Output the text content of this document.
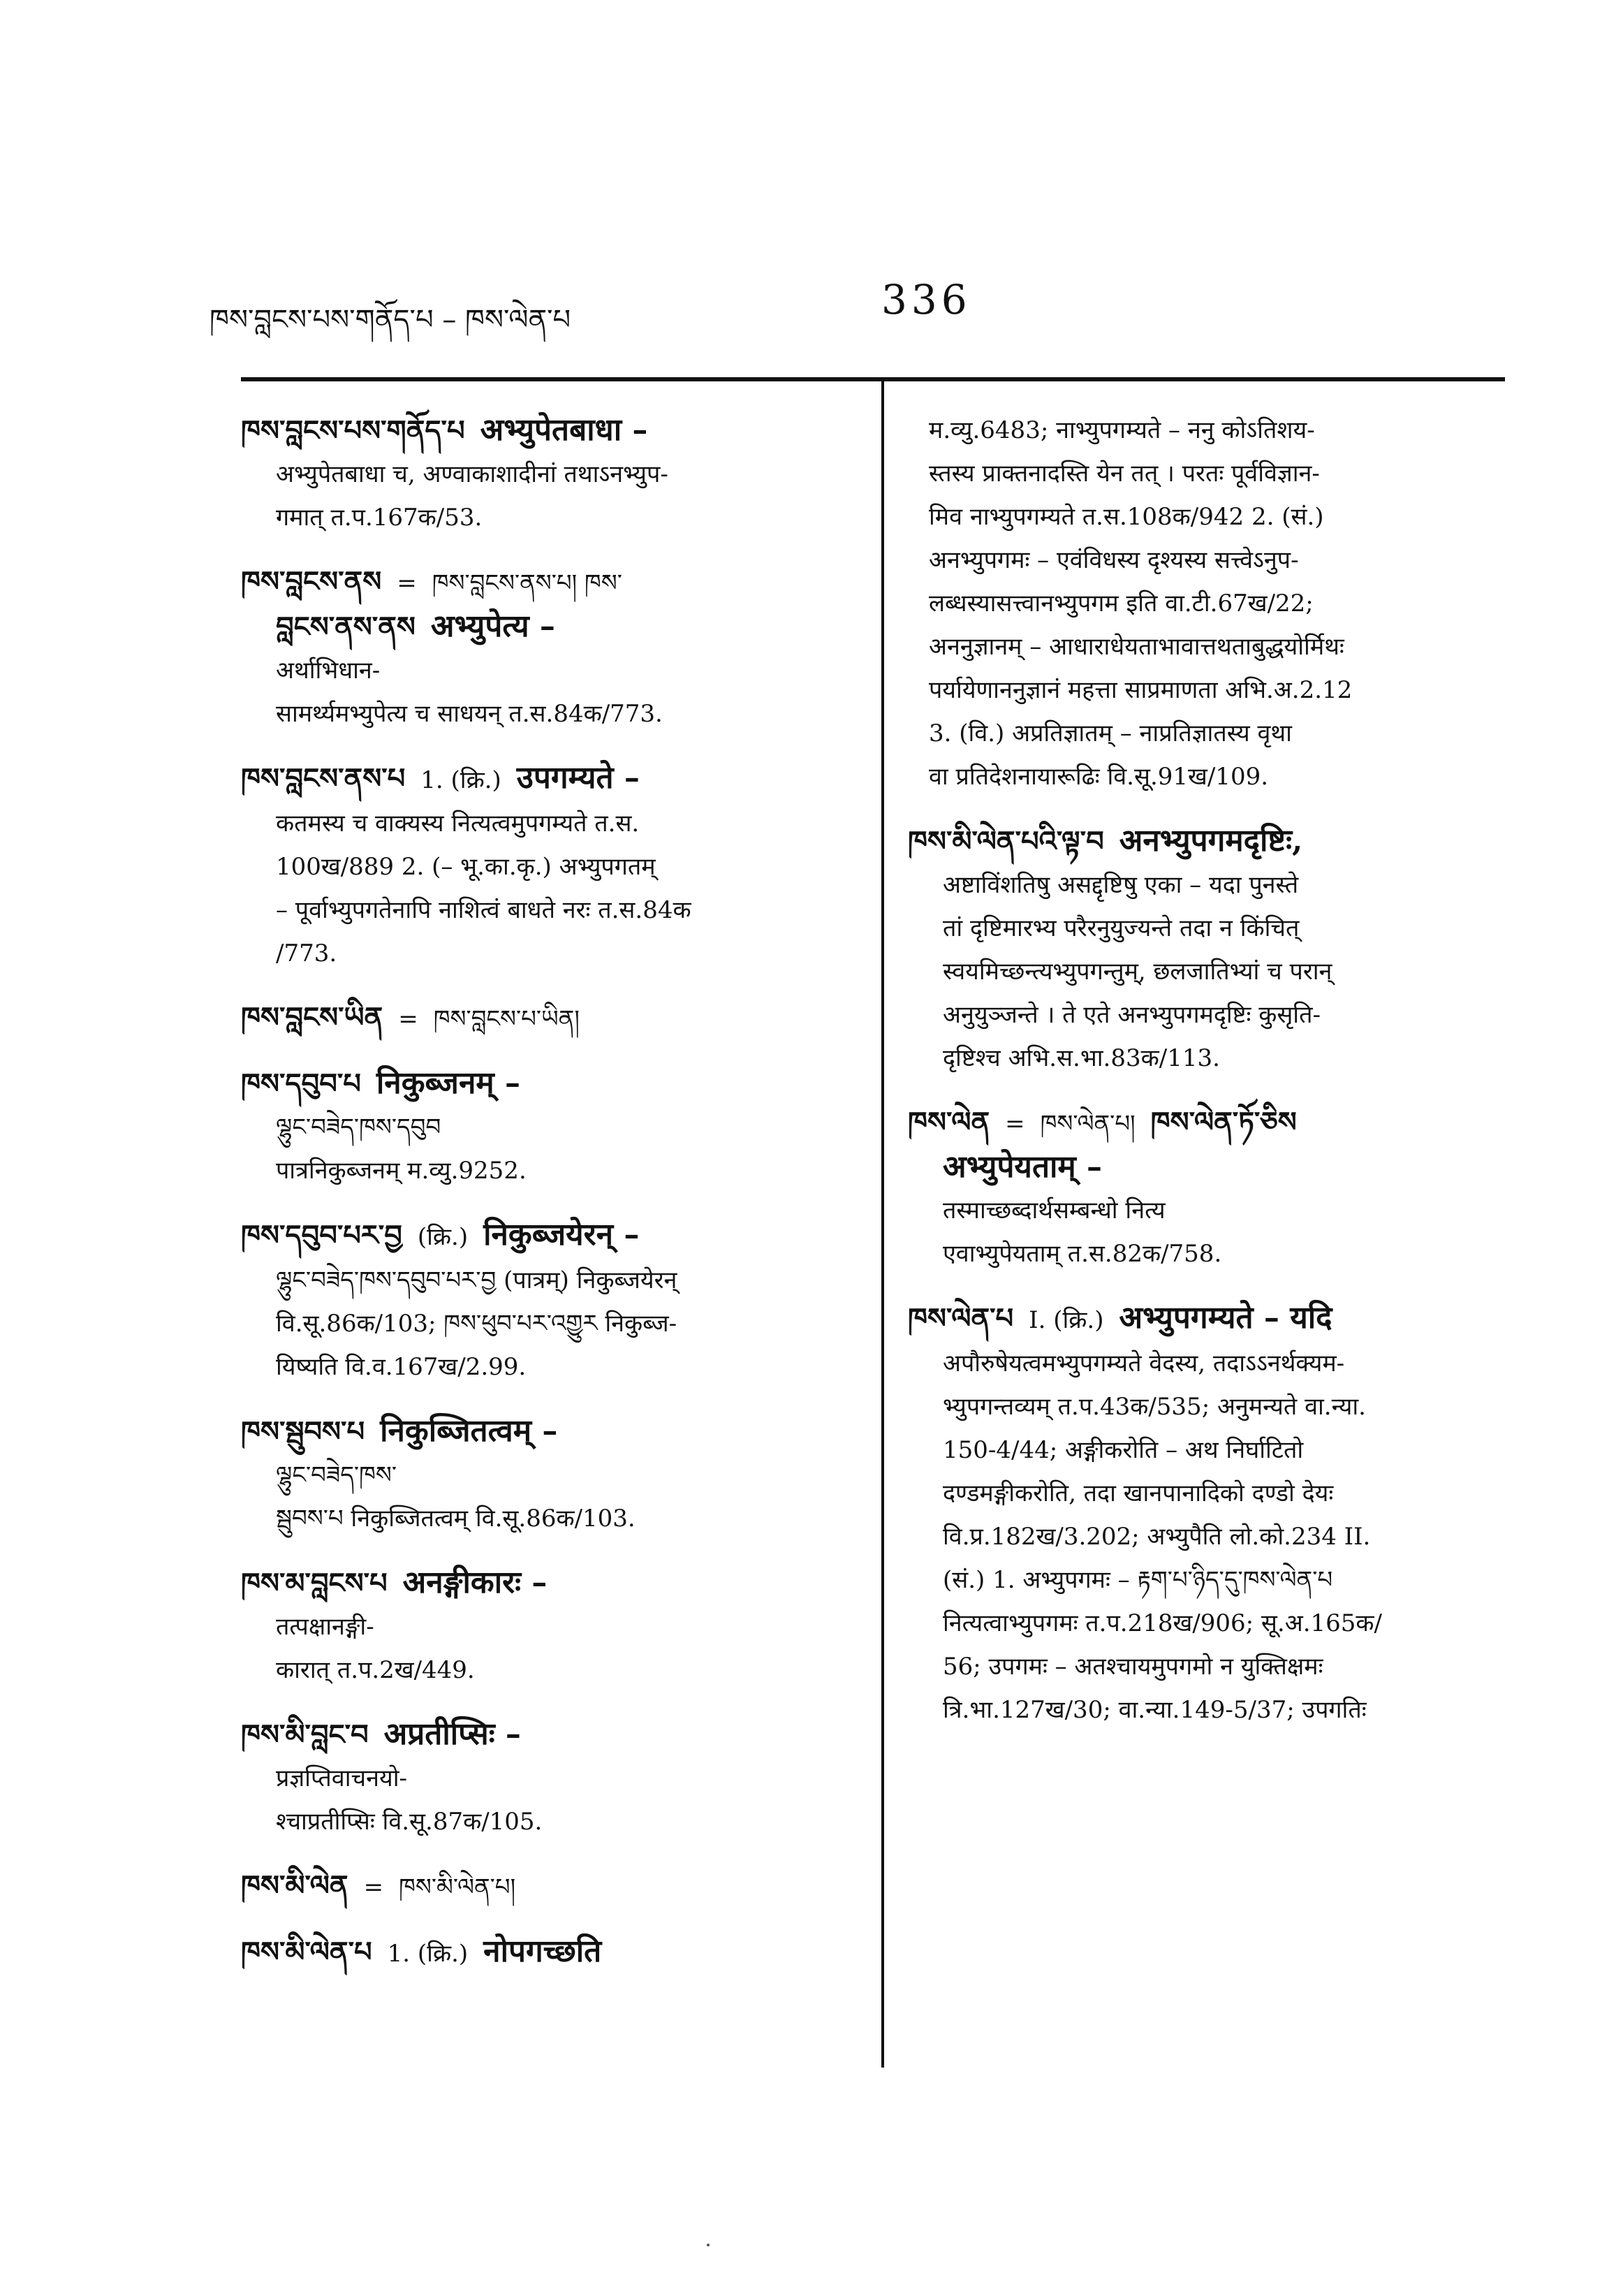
ཁས་བླངས་པས་གནོད་པ – ཁས་ལེན་པ	336
ཁས་བླངས་པས་གནོད་པ अभ्युपेतबाधा –
अभ्युपेतबाधा च, अण्वाकाशादीनां तथाऽनभ्युप-
गमात् त.प.167क/53.
ཁས་བླངས་ནས = ཁས་བླངས་ནས་པ། ཁས་
བླངས་ནས་ནས अभ्युपेत्य –
अर्थाभिधान-
सामर्थ्यमभ्युपेत्य च साधयन् त.स.84क/773.
ཁས་བླངས་ནས་པ 1. (क्रि.) उपगम्यते –
कतमस्य च वाक्यस्य नित्यत्वमुपगम्यते त.स.
100ख/889 2. (– भू.का.कृ.) अभ्युपगतम्
– पूर्वाभ्युपगतेनापि नाशित्वं बाधते नरः त.स.84क
/773.
ཁས་བླངས་ཡིན = ཁས་བླངས་པ་ཡིན།
ཁས་དབུབ་པ निकुब्जनम् –
ལྷུང་བཟེད་ཁས་དབུབ
पात्रनिकुब्जनम् म.व्यु.9252.
ཁས་དབུབ་པར་བྱ (क्रि.) निकुब्जयेरन् –
ལྷུང་བཟེད་ཁས་དབུབ་པར་བྱ (पात्रम्) निकुब्जयेरन्
वि.सू.86क/103; ཁས་ཕུབ་པར་འགྱུར निकुब्ज-
यिष्यति वि.व.167ख/2.99.
ཁས་སྦུབས་པ निकुब्जितत्वम् –
ལྷུང་བཟེད་ཁས་
སྦུབས་པ निकुब्जितत्वम् वि.सू.86क/103.
ཁས་མ་བླངས་པ अनङ्गीकारः –
तत्पक्षानङ्गी-
कारात् त.प.2ख/449.
ཁས་མི་བླང་བ अप्रतीप्सिः –
प्रज्ञप्तिवाचनयो-
श्चाप्रतीप्सिः वि.सू.87क/105.
ཁས་མི་ལེན = ཁས་མི་ལེན་པ།
ཁས་མི་ལེན་པ 1. (क्रि.) नोपगच्छति
म.व्यु.6483; नाभ्युपगम्यते – ननु कोऽतिशय-
स्तस्य प्राक्तनादस्ति येन तत् । परतः पूर्वविज्ञान-
मिव नाभ्युपगम्यते त.स.108क/942 2. (सं.)
अनभ्युपगमः – एवंविधस्य दृश्यस्य सत्त्वेऽनुप-
लब्धस्यासत्त्वानभ्युपगम इति वा.टी.67ख/22;
अननुज्ञानम् – आधाराधेयताभावात्तथताबुद्धयोर्मिथः
पर्यायेणाननुज्ञानं महत्ता साप्रमाणता अभि.अ.2.12
3. (वि.) अप्रतिज्ञातम् – नाप्रतिज्ञातस्य वृथा
वा प्रतिदेशनायारूढिः वि.सू.91ख/109.
ཁས་མི་ལེན་པའི་ལྟ་བ अनभ्युपगमदृष्टिः,
अष्टाविंशतिषु असद्दृष्टिषु एका – यदा पुनस्ते
तां दृष्टिमारभ्य परैरनुयुज्यन्ते तदा न किंचित्
स्वयमिच्छन्त्यभ्युपगन्तुम्, छलजातिभ्यां च परान्
अनुयुञ्जन्ते । ते एते अनभ्युपगमदृष्टिः कुसृति-
दृष्टिश्च अभि.स.भा.83क/113.
ཁས་ལེན = ཁས་ལེན་པ། ཁས་ལེན་ཏོ་ཅིས
अभ्युपेयताम् –
तस्माच्छब्दार्थसम्बन्धो नित्य
एवाभ्युपेयताम् त.स.82क/758.
ཁས་ལེན་པ I. (क्रि.) अभ्युपगम्यते – यदि
अपौरुषेयत्वमभ्युपगम्यते वेदस्य, तदाऽऽनर्थक्यम-
भ्युपगन्तव्यम् त.प.43क/535; अनुमन्यते वा.न्या.
150-4/44; अङ्गीकरोति – अथ निर्घाटितो
दण्डमङ्गीकरोति, तदा खानपानादिको दण्डो देयः
वि.प्र.182ख/3.202; अभ्युपैति लो.को.234 II.
(सं.) 1. अभ्युपगमः – རྟག་པ་ཉིད་དུ་ཁས་ལེན་པ
नित्यत्वाभ्युपगमः त.प.218ख/906; सू.अ.165क/
56; उपगमः – अतश्चायमुपगमो न युक्तिक्षमः
त्रि.भा.127ख/30; वा.न्या.149-5/37; उपगतिः
